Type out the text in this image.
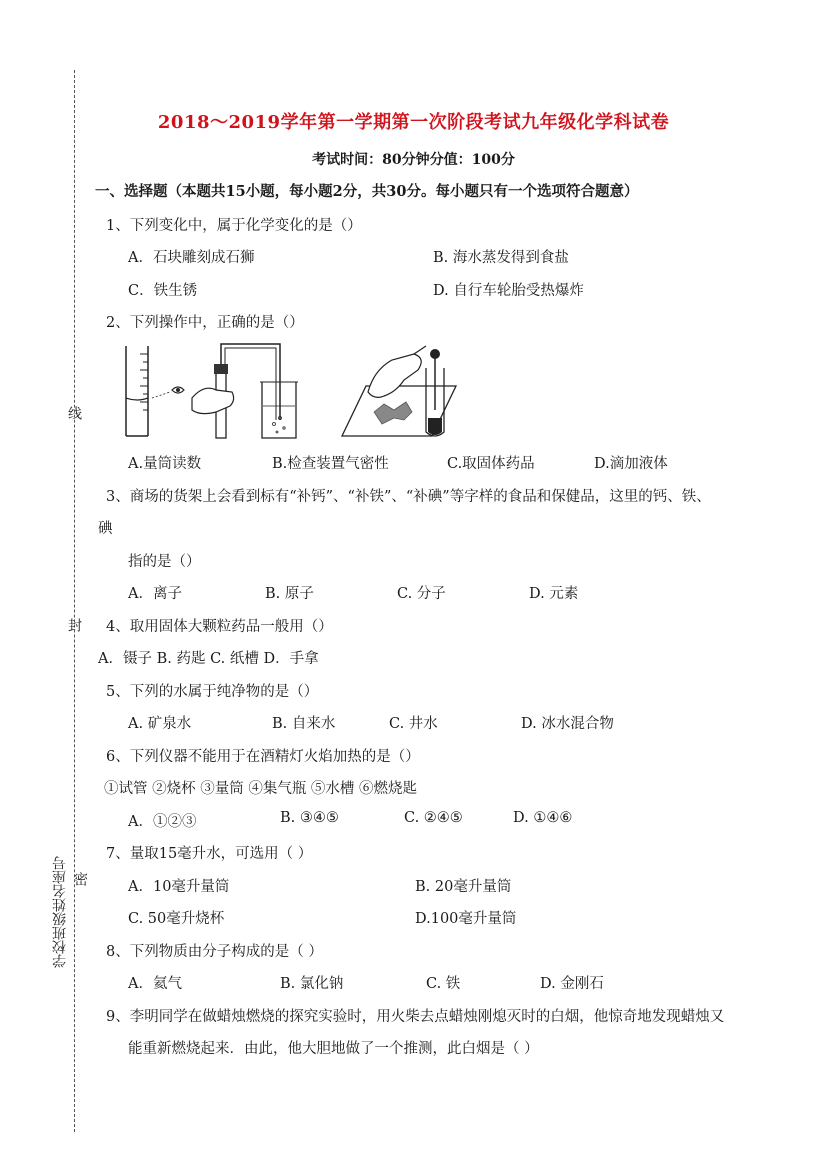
线
封
密
学校班级姓名座号
2018～2019学年第一学期第一次阶段考试九年级化学科试卷
考试时间：80分钟分值：100分
一、选择题（本题共15小题，每小题2分，共30分。每小题只有一个选项符合题意）
1、下列变化中，属于化学变化的是（）
A．石块雕刻成石狮	B. 海水蒸发得到食盐
C．铁生锈	D. 自行车轮胎受热爆炸
2、下列操作中，正确的是（）
A.量筒读数	B.检查装置气密性	C.取固体药品	D.滴加液体
3、商场的货架上会看到标有“补钙”、“补铁”、“补碘”等字样的食品和保健品，这里的钙、铁、
碘
指的是（）
A．离子	B. 原子	C. 分子	D. 元素
4、取用固体大颗粒药品一般用（）
A．镊子 B. 药匙 C. 纸槽 D．手拿
5、下列的水属于纯净物的是（）
A. 矿泉水	B. 自来水	C. 井水	D. 冰水混合物
6、下列仪器不能用于在酒精灯火焰加热的是（）
①试管 ②烧杯 ③量筒 ④集气瓶 ⑤水槽 ⑥燃烧匙
A．①②③	B. ③④⑤	C. ②④⑤	D. ①④⑥
7、量取15毫升水，可选用（ ）
A．10毫升量筒	B. 20毫升量筒
C. 50毫升烧杯	D.100毫升量筒
8、下列物质由分子构成的是（ ）
A．氦气	B. 氯化钠	C. 铁	D. 金刚石
9、李明同学在做蜡烛燃烧的探究实验时，用火柴去点蜡烛刚熄灭时的白烟，他惊奇地发现蜡烛又
能重新燃烧起来．由此，他大胆地做了一个推测，此白烟是（ ）
